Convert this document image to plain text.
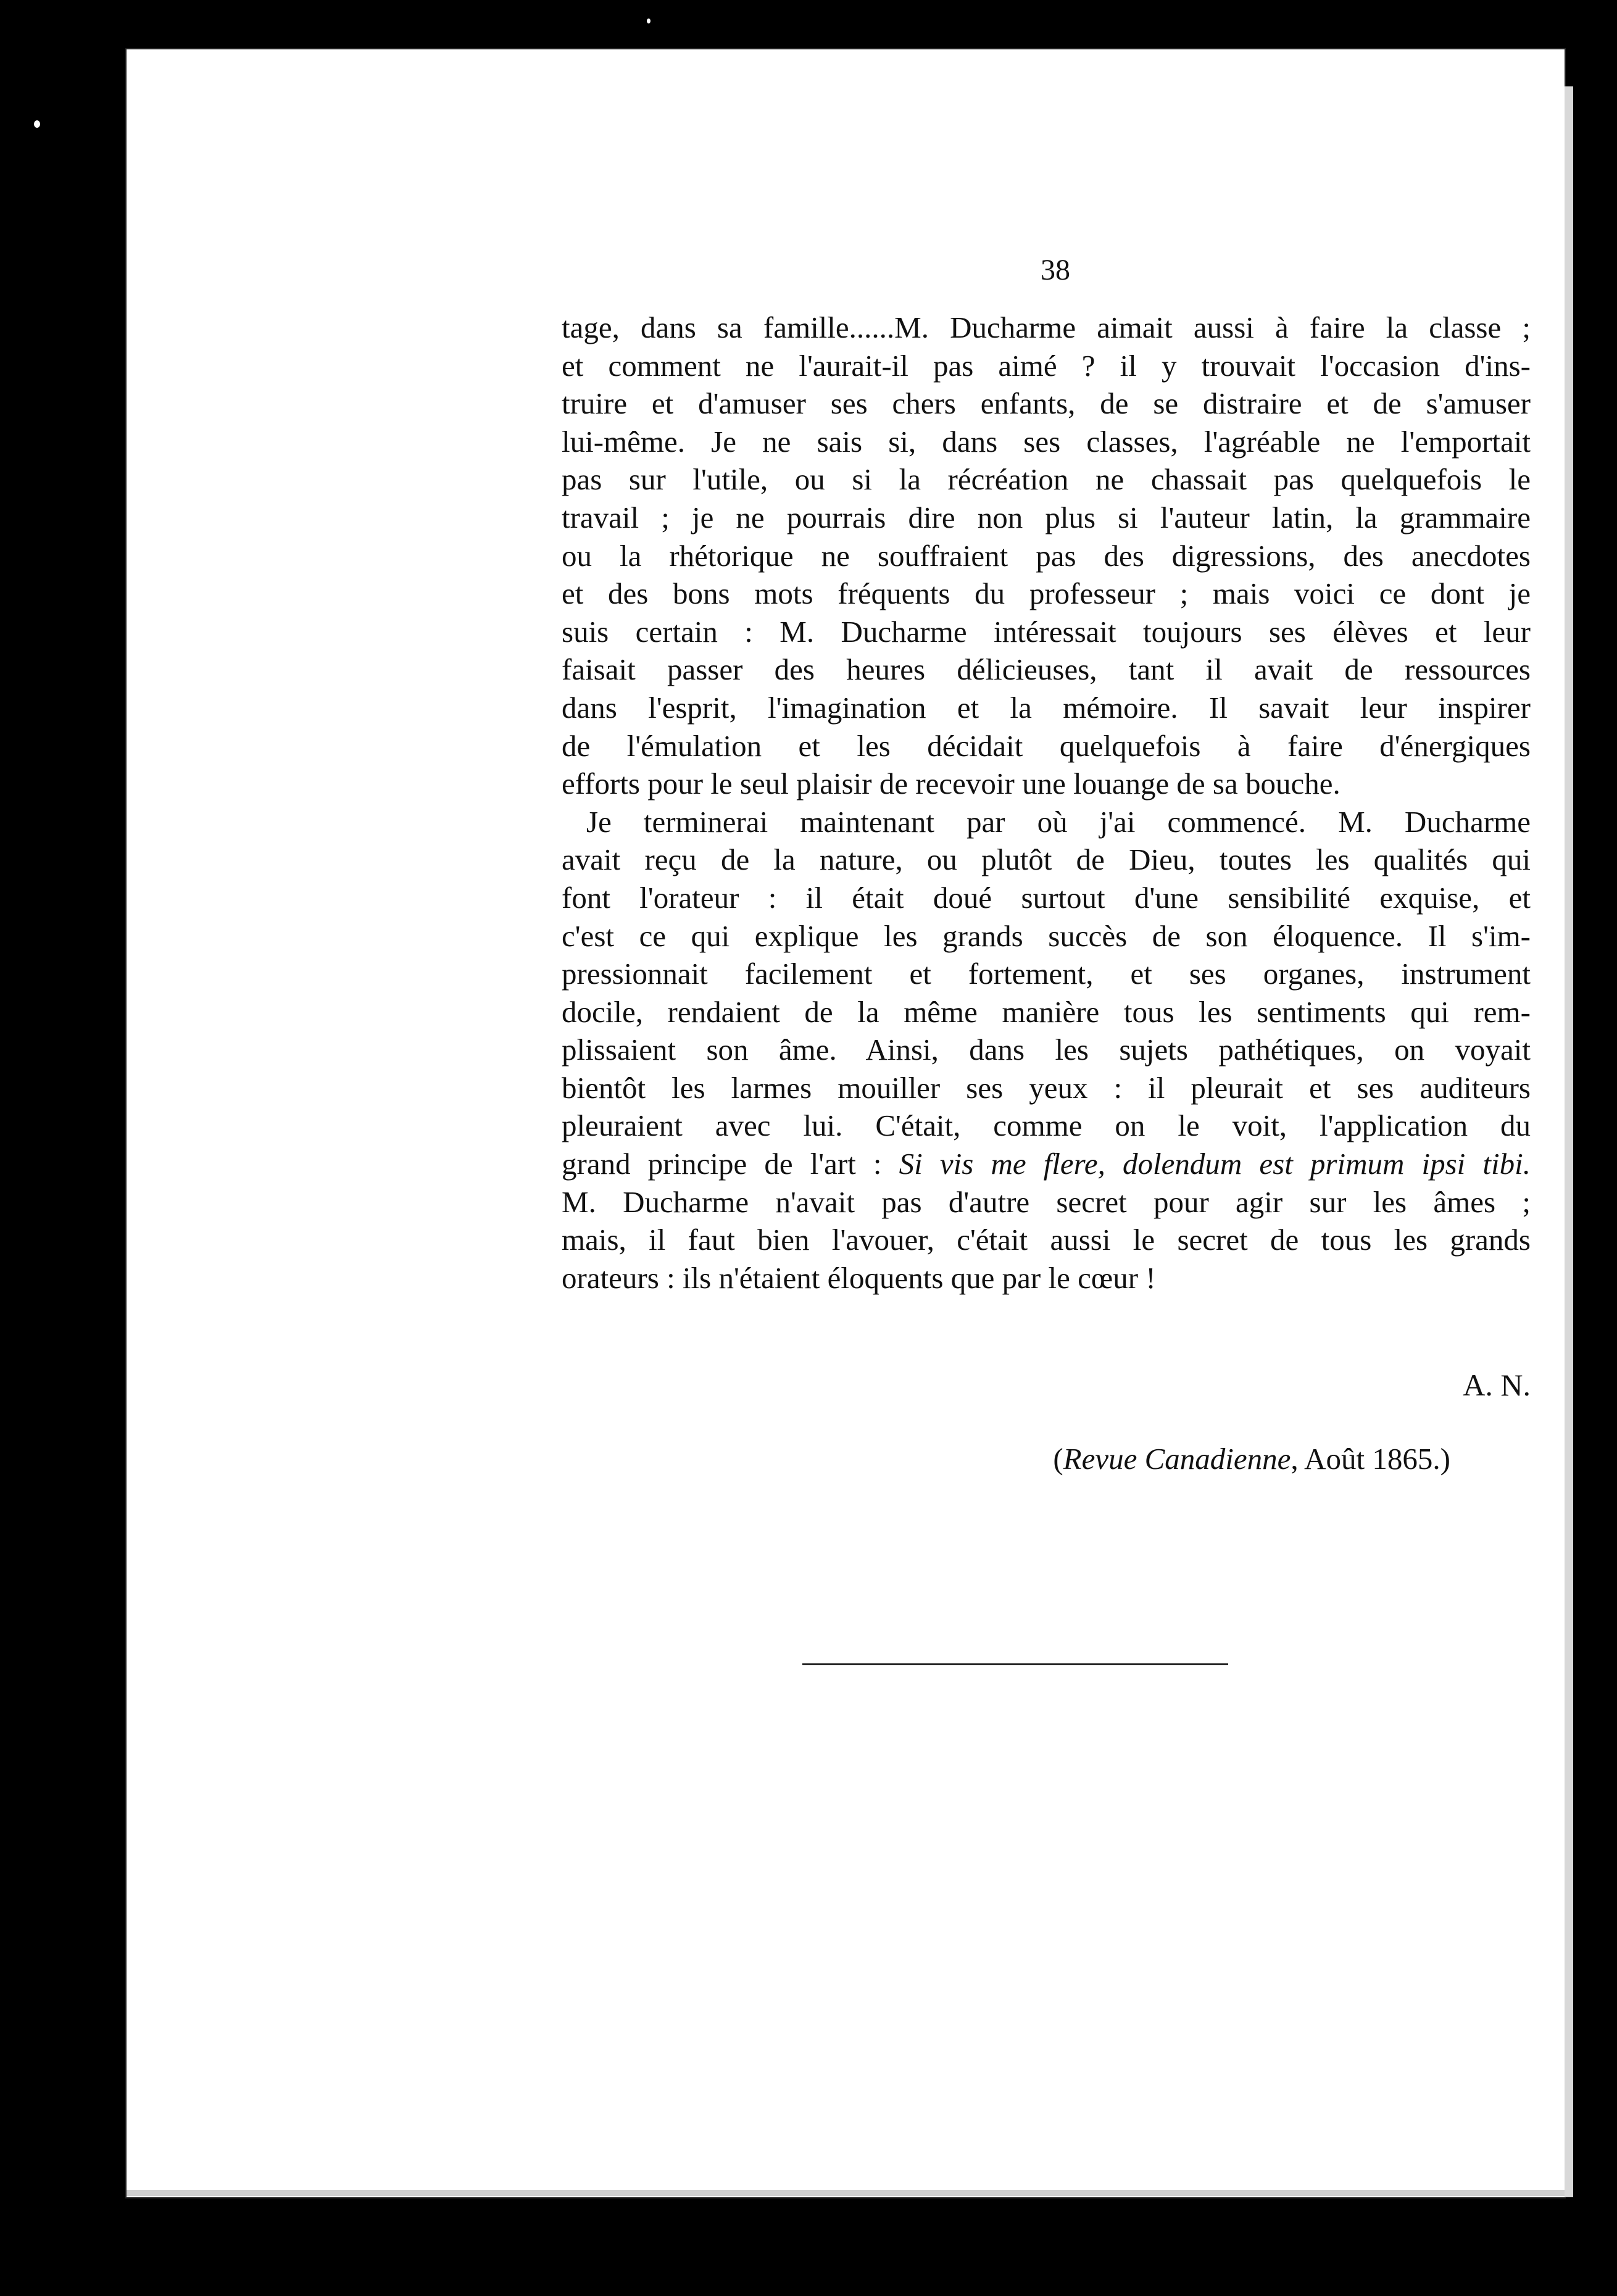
38
tage, dans sa famille......M. Ducharme aimait aussi à faire la classe ;
et comment ne l'aurait-il pas aimé ? il y trouvait l'occasion d'ins-
truire et d'amuser ses chers enfants, de se distraire et de s'amuser
lui-même. Je ne sais si, dans ses classes, l'agréable ne l'emportait
pas sur l'utile, ou si la récréation ne chassait pas quelquefois le
travail ; je ne pourrais dire non plus si l'auteur latin, la grammaire
ou la rhétorique ne souffraient pas des digressions, des anecdotes
et des bons mots fréquents du professeur ; mais voici ce dont je
suis certain : M. Ducharme intéressait toujours ses élèves et leur
faisait passer des heures délicieuses, tant il avait de ressources
dans l'esprit, l'imagination et la mémoire. Il savait leur inspirer
de l'émulation et les décidait quelquefois à faire d'énergiques
efforts pour le seul plaisir de recevoir une louange de sa bouche.
Je terminerai maintenant par où j'ai commencé. M. Ducharme
avait reçu de la nature, ou plutôt de Dieu, toutes les qualités qui
font l'orateur : il était doué surtout d'une sensibilité exquise, et
c'est ce qui explique les grands succès de son éloquence. Il s'im-
pressionnait facilement et fortement, et ses organes, instrument
docile, rendaient de la même manière tous les sentiments qui rem-
plissaient son âme. Ainsi, dans les sujets pathétiques, on voyait
bientôt les larmes mouiller ses yeux : il pleurait et ses auditeurs
pleuraient avec lui. C'était, comme on le voit, l'application du
grand principe de l'art : Si vis me flere, dolendum est primum ipsi tibi.
M. Ducharme n'avait pas d'autre secret pour agir sur les âmes ;
mais, il faut bien l'avouer, c'était aussi le secret de tous les grands
orateurs : ils n'étaient éloquents que par le cœur !
A. N.
(Revue Canadienne, Août 1865.)
